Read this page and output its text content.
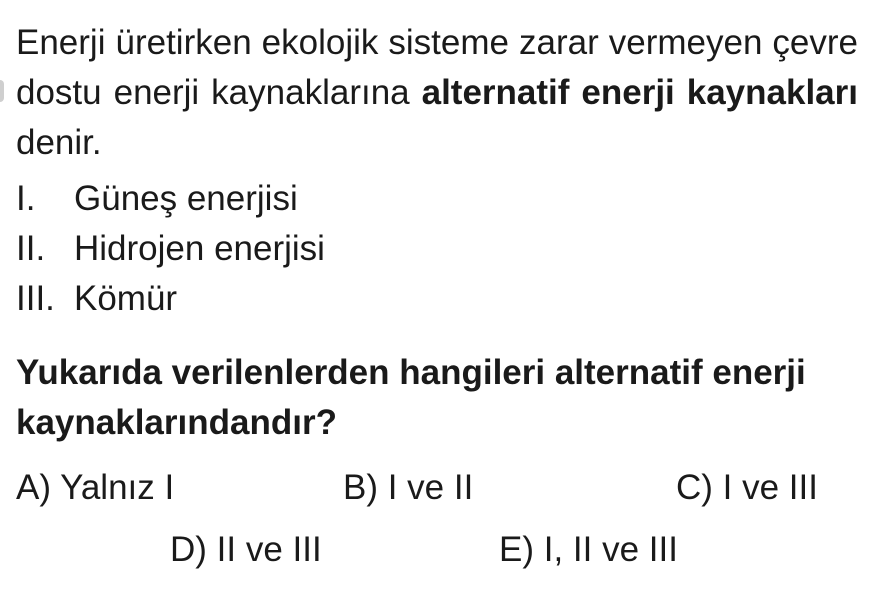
Enerji üretirken ekolojik sisteme zarar vermeyen çevre dostu enerji kaynaklarına alternatif enerji kaynakları denir.

I.	Güneş enerjisi
II. Hidrojen enerjisi
III. Kömür

Yukarıda verilenlerden hangileri alternatif enerji kaynaklarındandır?

A) Yalnız I	B) I ve II	C) I ve III
D) II ve III	E) I, II ve III
